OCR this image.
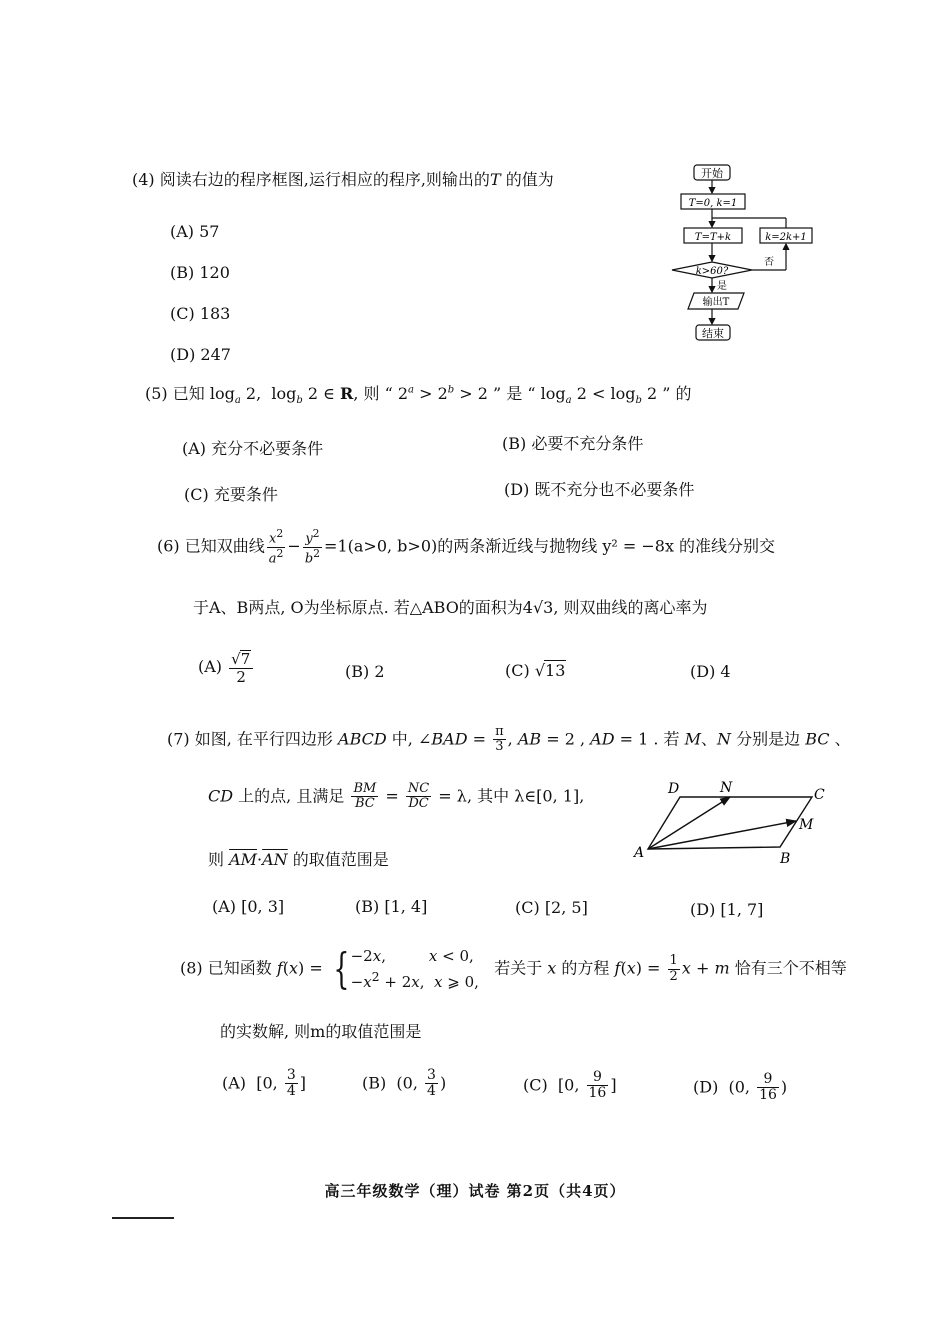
(4) 阅读右边的程序框图,运行相应的程序,则输出的T 的值为
(A) 57
(B) 120
(C) 183
(D) 247
开始
T=0, k=1
T=T+k	k=2k+1
k>60?
是
否
输出T
结束
(5) 已知 $\log_a 2$,  $\log_b 2$ ∈ R, 则 “ $2^a > 2^b > 2$ ” 是 “ $\log_a 2 < \log_b 2$ ” 的
(A) 充分不必要条件	(B) 必要不充分条件
(C) 充要条件	(D) 既不充分也不必要条件
(6) 已知双曲线 $\frac{x^2}{a^2} - \frac{y^2}{b^2} =1(a>0$, b>0)的两条渐近线与抛物线 y² = −8x 的准线分别交
于A、B两点, O为坐标原点. 若△ABO的面积为4√3, 则双曲线的离心率为
$(A) \frac{√7}{2}$	(B) 2	(C) √13	(D) 4
(7) 如图, 在平行四边形 ABCD 中, ∠BAD = $\frac{\pi}{3}$ , AB = 2 , AD = 1 . 若 M、N 分别是边 BC 、
CD 上的点, 且满足 $\frac{BM}{BC} = \frac{NC}{DC} = \lambda$, 其中 λ∈[0, 1],
则 $\overline{AM}\cdot\overline{AN}$ 的取值范围是
(A) [0, 3]	(B) [1, 4]	(C) [2, 5]	(D) [1, 7]
D	N	C
M
A	B
(8) 已知函数 f(x) = { −2x,         x < 0,
$-x^2 + 2x$,  x ⩾ 0,
若关于 x 的方程 $f(x) = \frac{1}{2}$ x + m 恰有三个不相等
的实数解, 则m的取值范围是
(A)  [0, $\frac{3}{4}$ ]	(B)  (0, $\frac{3}{4}$ )	(C)  [0, $\frac{9}{16}$ ]	(D)  (0, $\frac{9}{16}$ )
高三年级数学（理）试卷 第2页（共4页）
